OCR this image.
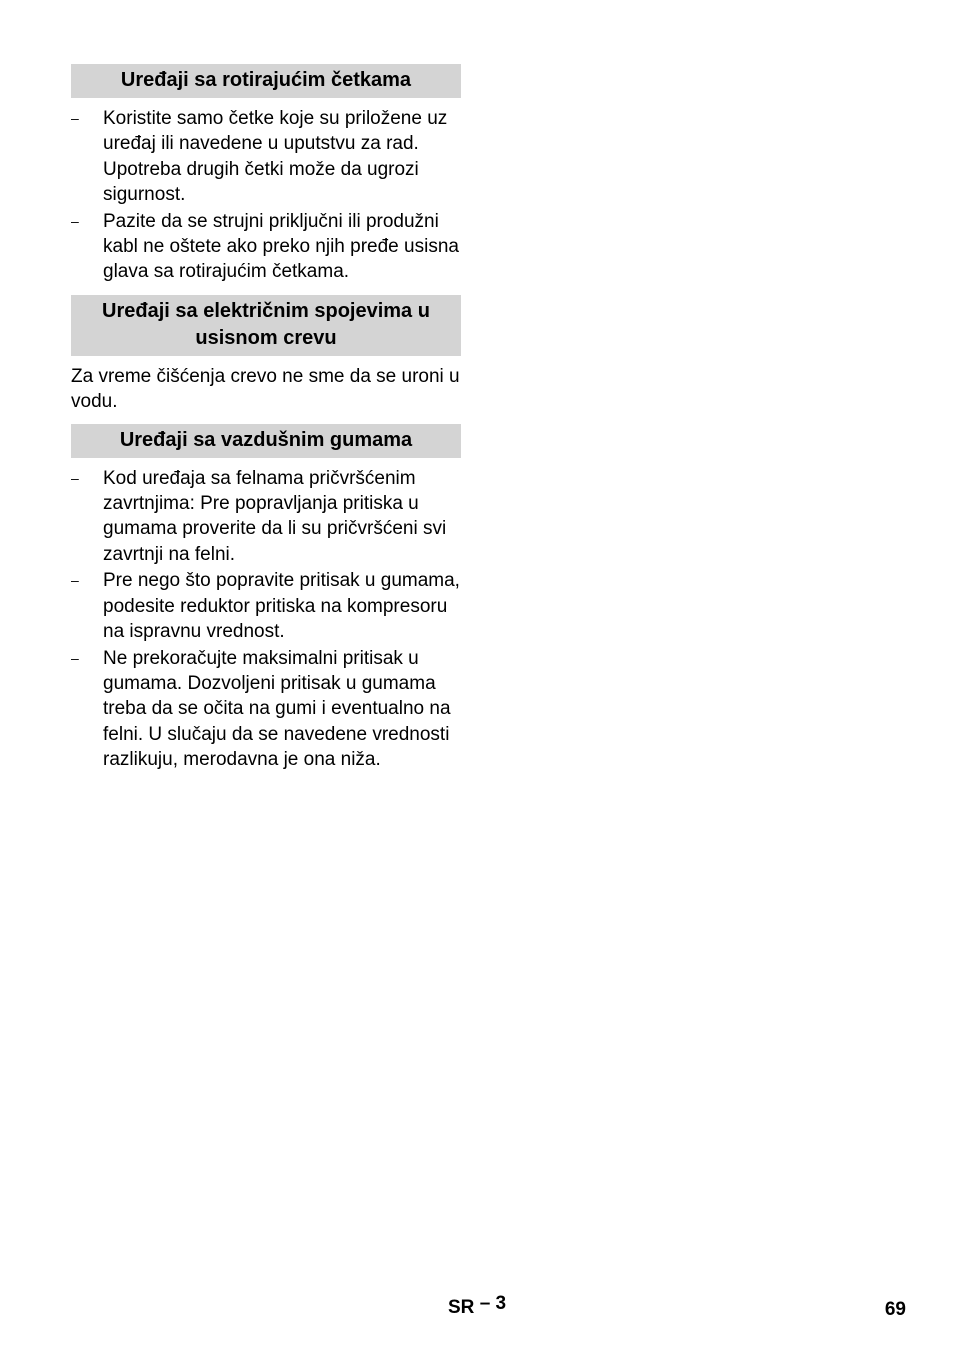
Uređaji sa rotirajućim četkama
– Koristite samo četke koje su priložene uz uređaj ili navedene u uputstvu za rad. Upotreba drugih četki može da ugrozi sigurnost.
– Pazite da se strujni priključni ili produžni kabl ne oštete ako preko njih pređe usisna glava sa rotirajućim četkama.
Uređaji sa električnim spojevima u usisnom crevu

Za vreme čišćenja crevo ne sme da se uroni u vodu.

Uređaji sa vazdušnim gumama
– Kod uređaja sa felnama pričvršćenim zavrtnjima: Pre popravljanja pritiska u gumama proverite da li su pričvršćeni svi zavrtnji na felni.
– Pre nego što popravite pritisak u gumama, podesite reduktor pritiska na kompresoru na ispravnu vrednost.
– Ne prekoračujte maksimalni pritisak u gumama. Dozvoljeni pritisak u gumama treba da se očita na gumi i eventualno na felni. U slučaju da se navedene vrednosti razlikuju, merodavna je ona niža.
SR – 3	69
